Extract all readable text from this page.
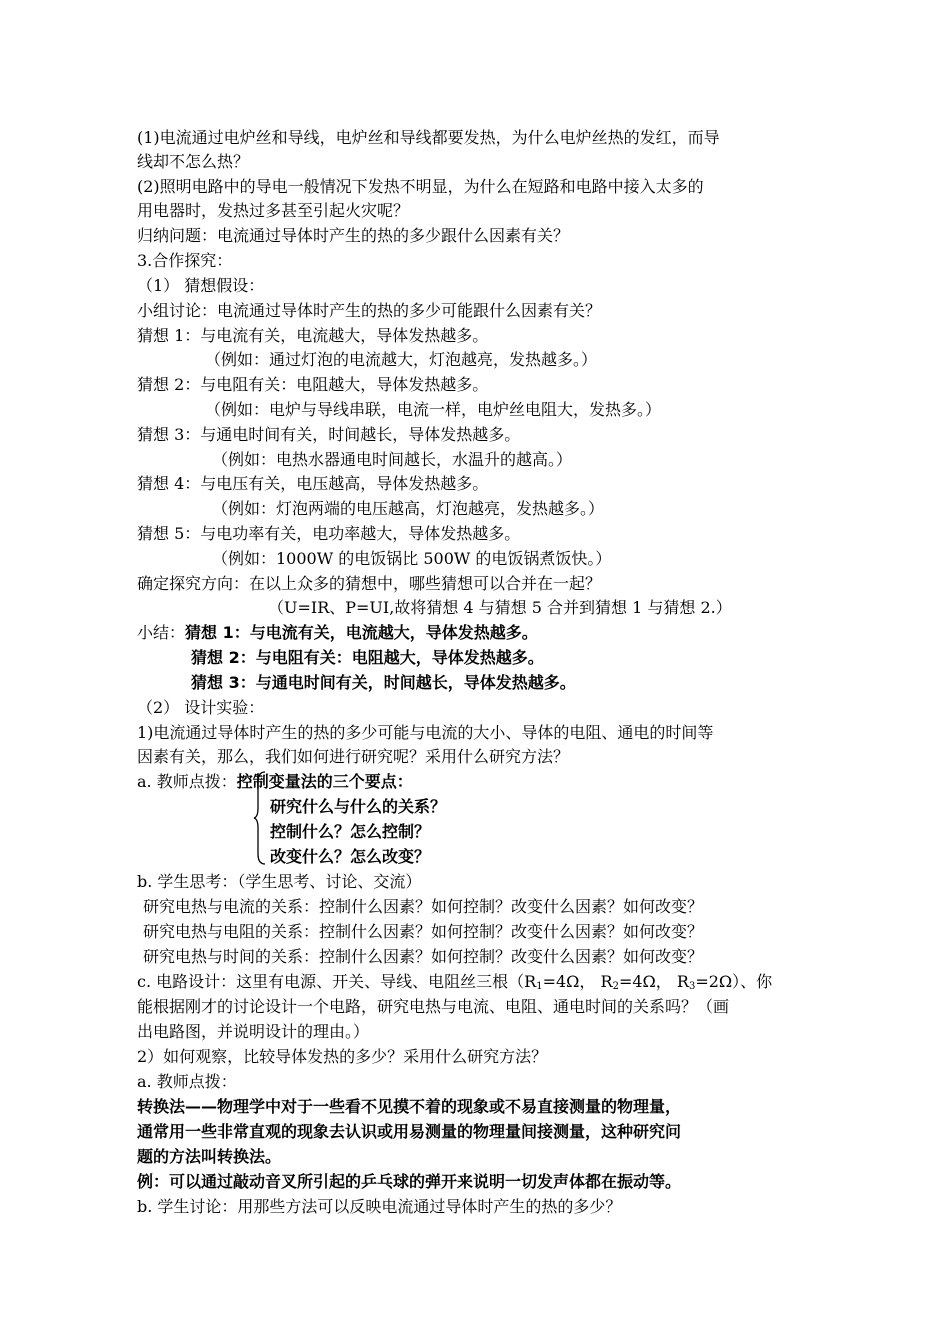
(1)电流通过电炉丝和导线，电炉丝和导线都要发热，为什么电炉丝热的发红，而导
线却不怎么热？
(2)照明电路中的导电一般情况下发热不明显，为什么在短路和电路中接入太多的
用电器时，发热过多甚至引起火灾呢？
归纳问题：电流通过导体时产生的热的多少跟什么因素有关？
3.合作探究：
（1） 猜想假设：
小组讨论：电流通过导体时产生的热的多少可能跟什么因素有关？
猜想 1：与电流有关，电流越大，导体发热越多。
（例如：通过灯泡的电流越大，灯泡越亮，发热越多。）
猜想 2：与电阻有关：电阻越大，导体发热越多。
（例如：电炉与导线串联，电流一样，电炉丝电阻大，发热多。）
猜想 3：与通电时间有关，时间越长，导体发热越多。
（例如：电热水器通电时间越长，水温升的越高。）
猜想 4：与电压有关，电压越高，导体发热越多。
（例如：灯泡两端的电压越高，灯泡越亮，发热越多。）
猜想 5：与电功率有关，电功率越大，导体发热越多。
（例如：1000W 的电饭锅比 500W 的电饭锅煮饭快。）
确定探究方向：在以上众多的猜想中，哪些猜想可以合并在一起？
（U=IR、P=UI,故将猜想 4 与猜想 5 合并到猜想 1 与猜想 2.）
小结：猜想 1：与电流有关，电流越大，导体发热越多。
猜想 2：与电阻有关：电阻越大，导体发热越多。
猜想 3：与通电时间有关，时间越长，导体发热越多。
（2） 设计实验：
1)电流通过导体时产生的热的多少可能与电流的大小、导体的电阻、通电的时间等
因素有关，那么，我们如何进行研究呢？采用什么研究方法？
a. 教师点拨：控制变量法的三个要点：
研究什么与什么的关系？
控制什么？怎么控制？
改变什么？怎么改变？
b. 学生思考：（学生思考、讨论、交流）
研究电热与电流的关系：控制什么因素？如何控制？改变什么因素？如何改变？
研究电热与电阻的关系：控制什么因素？如何控制？改变什么因素？如何改变？
研究电热与时间的关系：控制什么因素？如何控制？改变什么因素？如何改变？
c. 电路设计：这里有电源、开关、导线、电阻丝三根（$R_1=4\Omega$， $R_2=4\Omega$， $R_3=2\Omega$）、你
能根据刚才的讨论设计一个电路，研究电热与电流、电阻、通电时间的关系吗？（画
出电路图，并说明设计的理由。）
2）如何观察，比较导体发热的多少？采用什么研究方法？
a. 教师点拨：
转换法——物理学中对于一些看不见摸不着的现象或不易直接测量的物理量，
通常用一些非常直观的现象去认识或用易测量的物理量间接测量，这种研究问
题的方法叫转换法。
例：可以通过敲动音叉所引起的乒乓球的弹开来说明一切发声体都在振动等。
b. 学生讨论：用那些方法可以反映电流通过导体时产生的热的多少？
